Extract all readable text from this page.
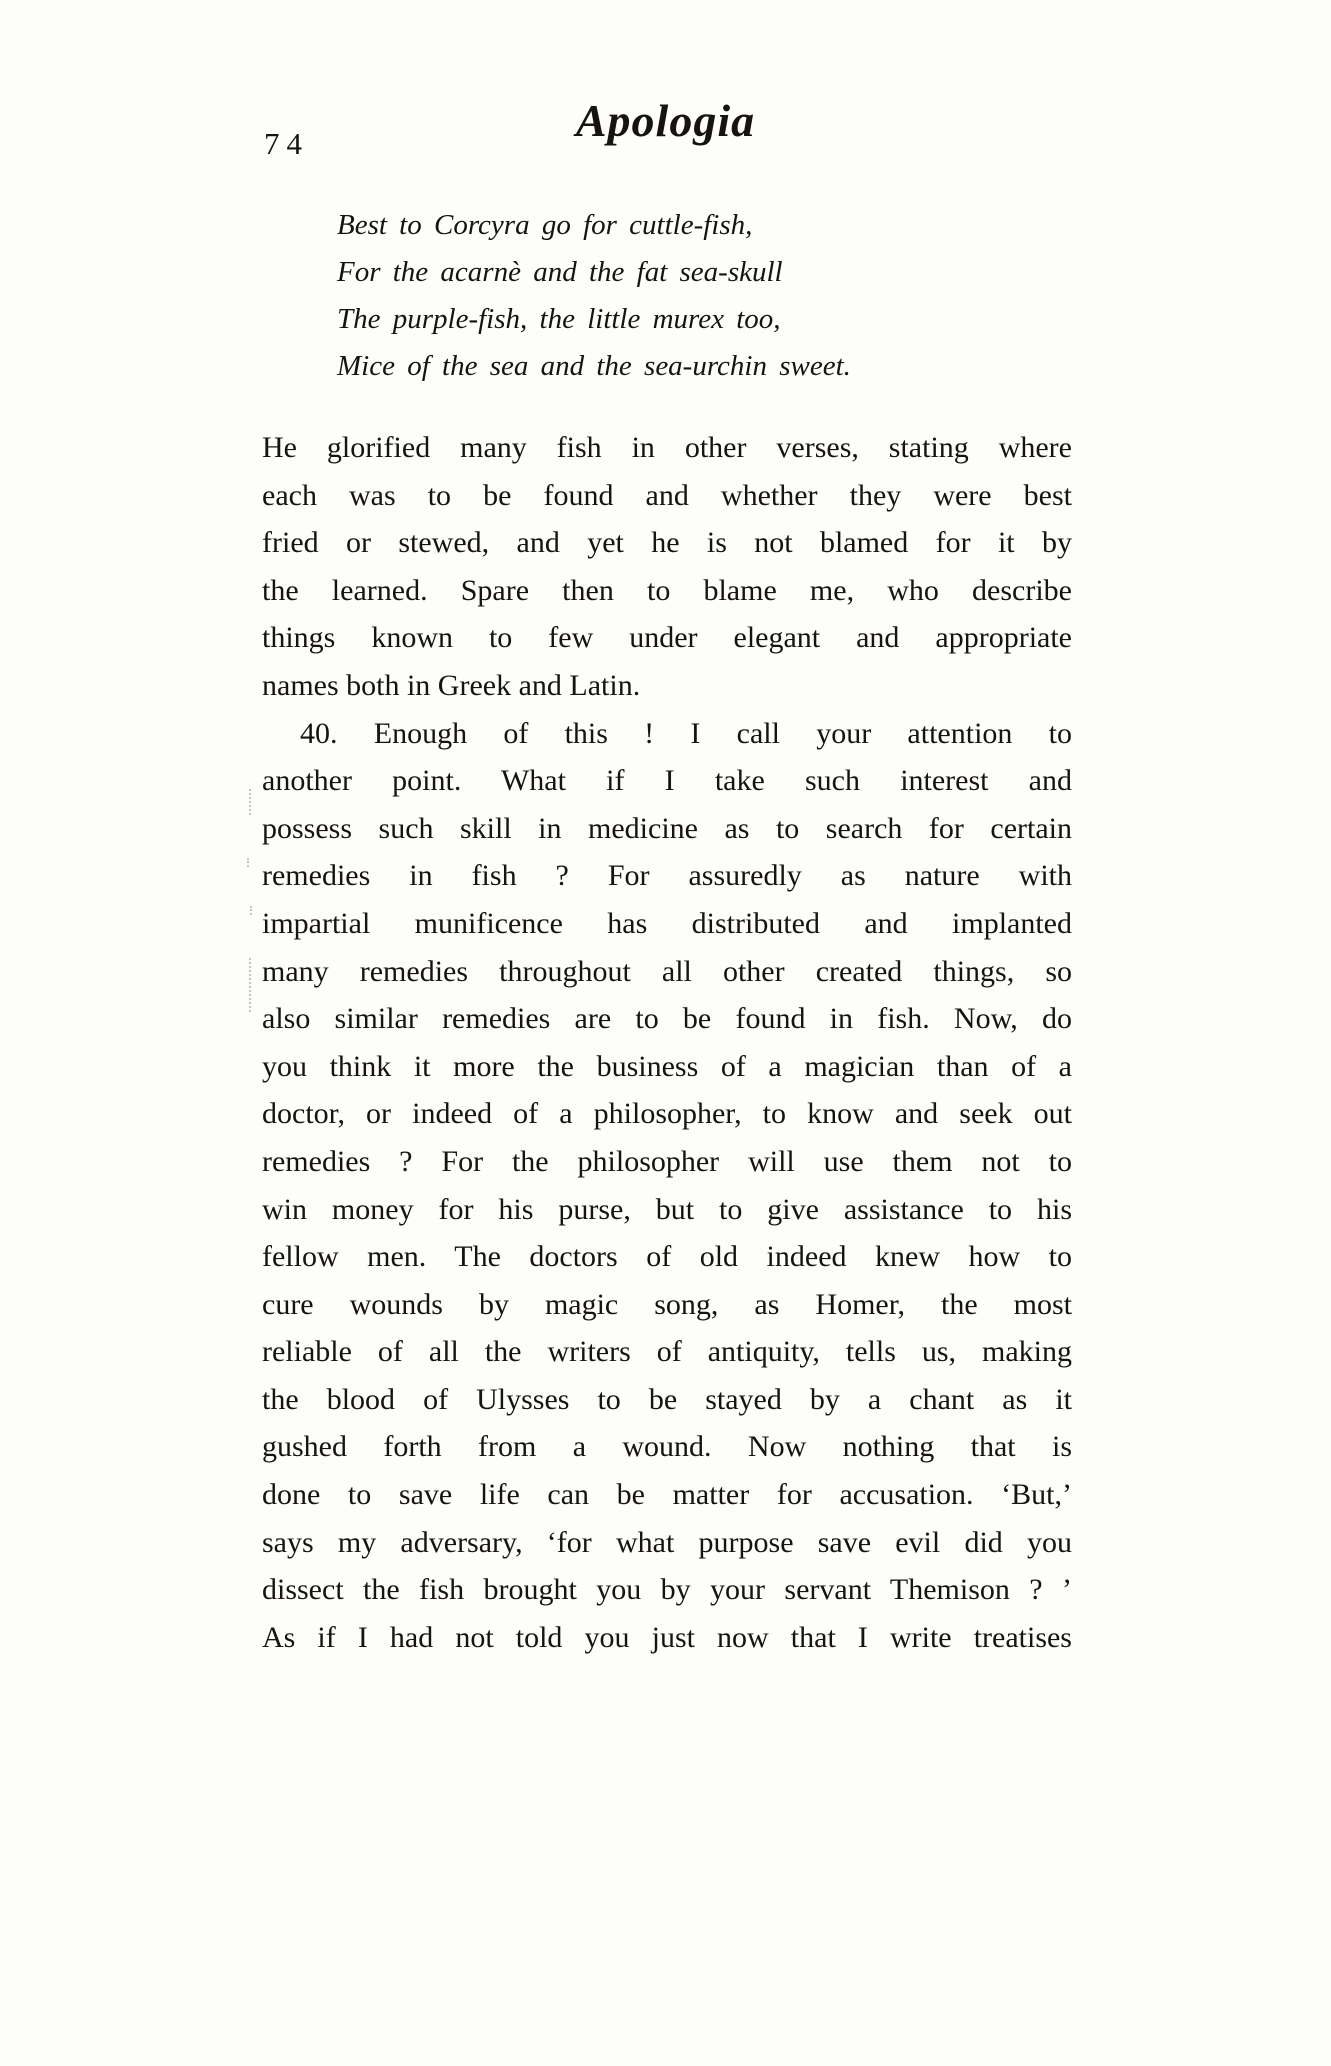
74	Apologia
Best to Corcyra go for cuttle-fish,
For the acarnè and the fat sea-skull
The purple-fish, the little murex too,
Mice of the sea and the sea-urchin sweet.
He glorified many fish in other verses, stating where
each was to be found and whether they were best
fried or stewed, and yet he is not blamed for it by
the learned. Spare then to blame me, who describe
things known to few under elegant and appropriate
names both in Greek and Latin.
40. Enough of this ! I call your attention to
another point. What if I take such interest and
possess such skill in medicine as to search for certain
remedies in fish ? For assuredly as nature with
impartial munificence has distributed and implanted
many remedies throughout all other created things, so
also similar remedies are to be found in fish. Now, do
you think it more the business of a magician than of a
doctor, or indeed of a philosopher, to know and seek out
remedies ? For the philosopher will use them not to
win money for his purse, but to give assistance to his
fellow men. The doctors of old indeed knew how to
cure wounds by magic song, as Homer, the most
reliable of all the writers of antiquity, tells us, making
the blood of Ulysses to be stayed by a chant as it
gushed forth from a wound. Now nothing that is
done to save life can be matter for accusation. ‘But,’
says my adversary, ‘for what purpose save evil did you
dissect the fish brought you by your servant Themison ? ’
As if I had not told you just now that I write treatises
